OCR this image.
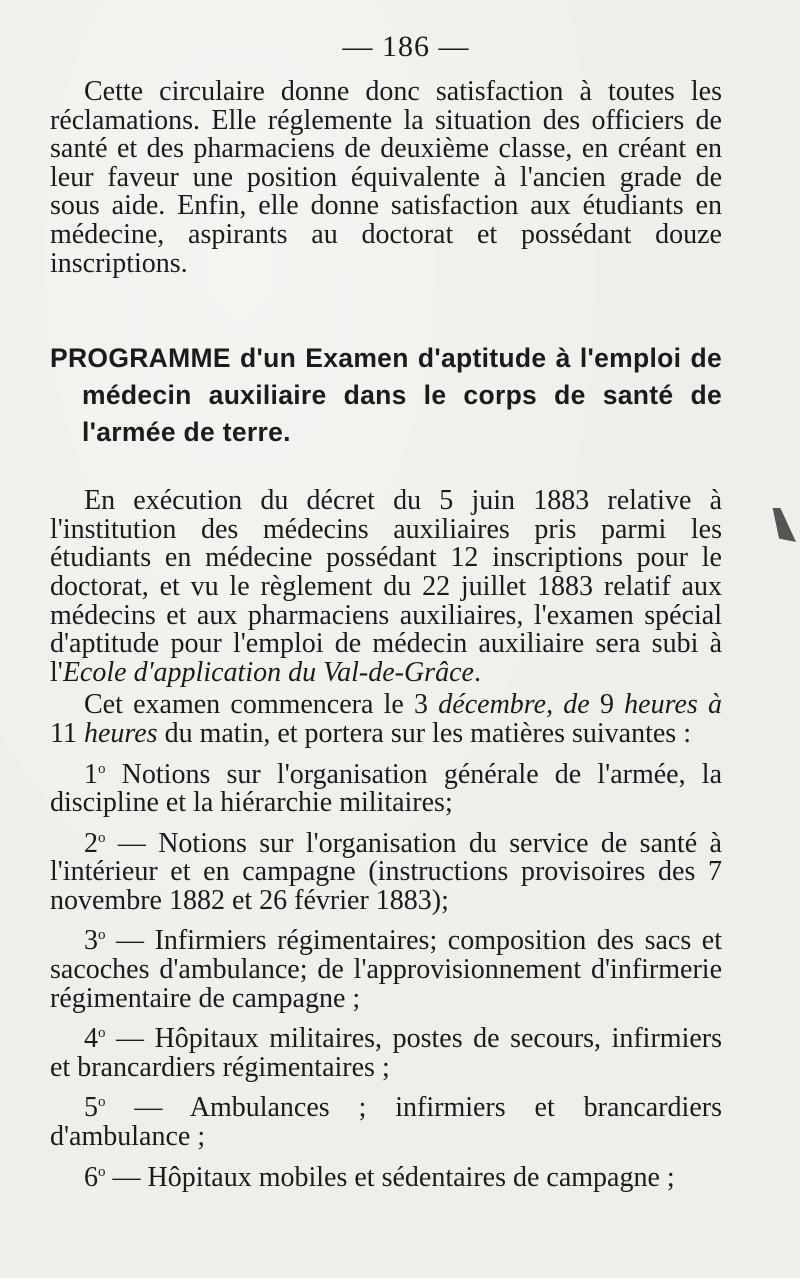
— 186 —

Cette circulaire donne donc satisfaction à toutes les réclamations. Elle réglemente la situation des officiers de santé et des pharmaciens de deuxième classe, en créant en leur faveur une position équivalente à l'ancien grade de sous aide. Enfin, elle donne satisfaction aux étudiants en médecine, aspirants au doctorat et possédant douze inscriptions.

PROGRAMME d'un Examen d'aptitude à l'emploi de médecin auxiliaire dans le corps de santé de l'armée de terre.

En exécution du décret du 5 juin 1883 relative à l'institution des médecins auxiliaires pris parmi les étudiants en médecine possédant 12 inscriptions pour le doctorat, et vu le règlement du 22 juillet 1883 relatif aux médecins et aux pharmaciens auxiliaires, l'examen spécial d'aptitude pour l'emploi de médecin auxiliaire sera subi à l'Ecole d'application du Val-de-Grâce.

Cet examen commencera le 3 décembre, de 9 heures à 11 heures du matin, et portera sur les matières suivantes :

1$^o$ Notions sur l'organisation générale de l'armée, la discipline et la hiérarchie militaires;

2$^o$ — Notions sur l'organisation du service de santé à l'intérieur et en campagne (instructions provisoires des 7 novembre 1882 et 26 février 1883);

3$^o$ — Infirmiers régimentaires; composition des sacs et sacoches d'ambulance; de l'approvisionnement d'infirmerie régimentaire de campagne ;

4$^o$ — Hôpitaux militaires, postes de secours, infirmiers et brancardiers régimentaires ;

5$^o$ — Ambulances ; infirmiers et brancardiers d'ambulance ;

6$^o$ — Hôpitaux mobiles et sédentaires de campagne ;
